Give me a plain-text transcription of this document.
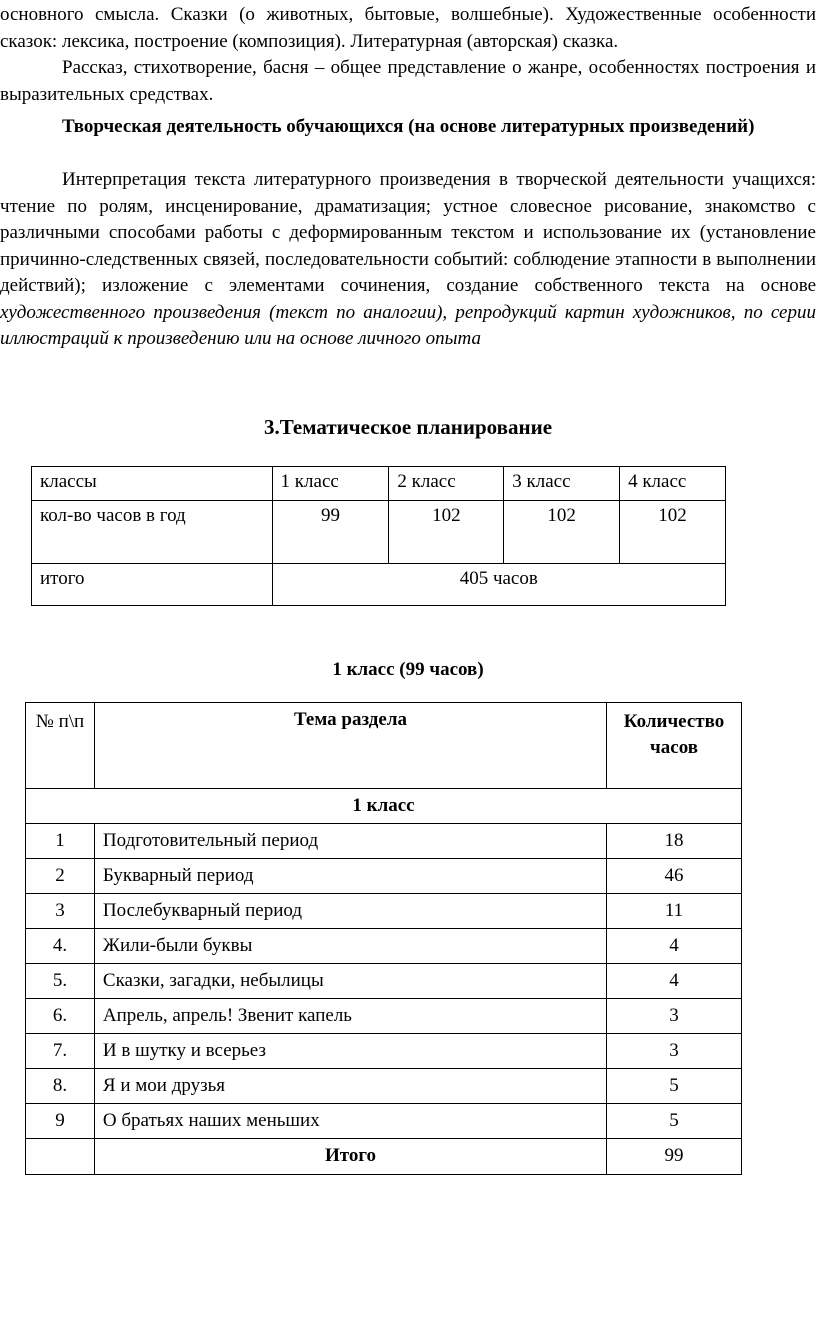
основного смысла. Сказки (о животных, бытовые, волшебные). Художественные особенности сказок: лексика, построение (композиция). Литературная (авторская) сказка.

Рассказ, стихотворение, басня – общее представление о жанре, особенностях построения и выразительных средствах.

Творческая деятельность обучающихся (на основе литературных произведений)

Интерпретация текста литературного произведения в творческой деятельности учащихся: чтение по ролям, инсценирование, драматизация; устное словесное рисование, знакомство с различными способами работы с деформированным текстом и использование их (установление причинно-следственных связей, последовательности событий: соблюдение этапности в выполнении действий); изложение с элементами сочинения, создание собственного текста на основе художественного произведения (текст по аналогии), репродукций картин художников, по серии иллюстраций к произведению или на основе личного опыта

3.Тематическое планирование
классы	1 класс	2 класс	3 класс	4 класс
кол-во часов в год	99	102	102	102
итого	405 часов			
1 класс (99 часов)
№ п\п	Тема раздела	Количество часов
1 класс		
1	Подготовительный период	18
2	Букварный период	46
3	Послебукварный период	11
4.	Жили-были буквы	4
5.	Сказки, загадки, небылицы	4
6.	Апрель, апрель! Звенит капель	3
7.	И в шутку и всерьез	3
8.	Я и мои друзья	5
9	О братьях наших меньших	5
	Итого	99
